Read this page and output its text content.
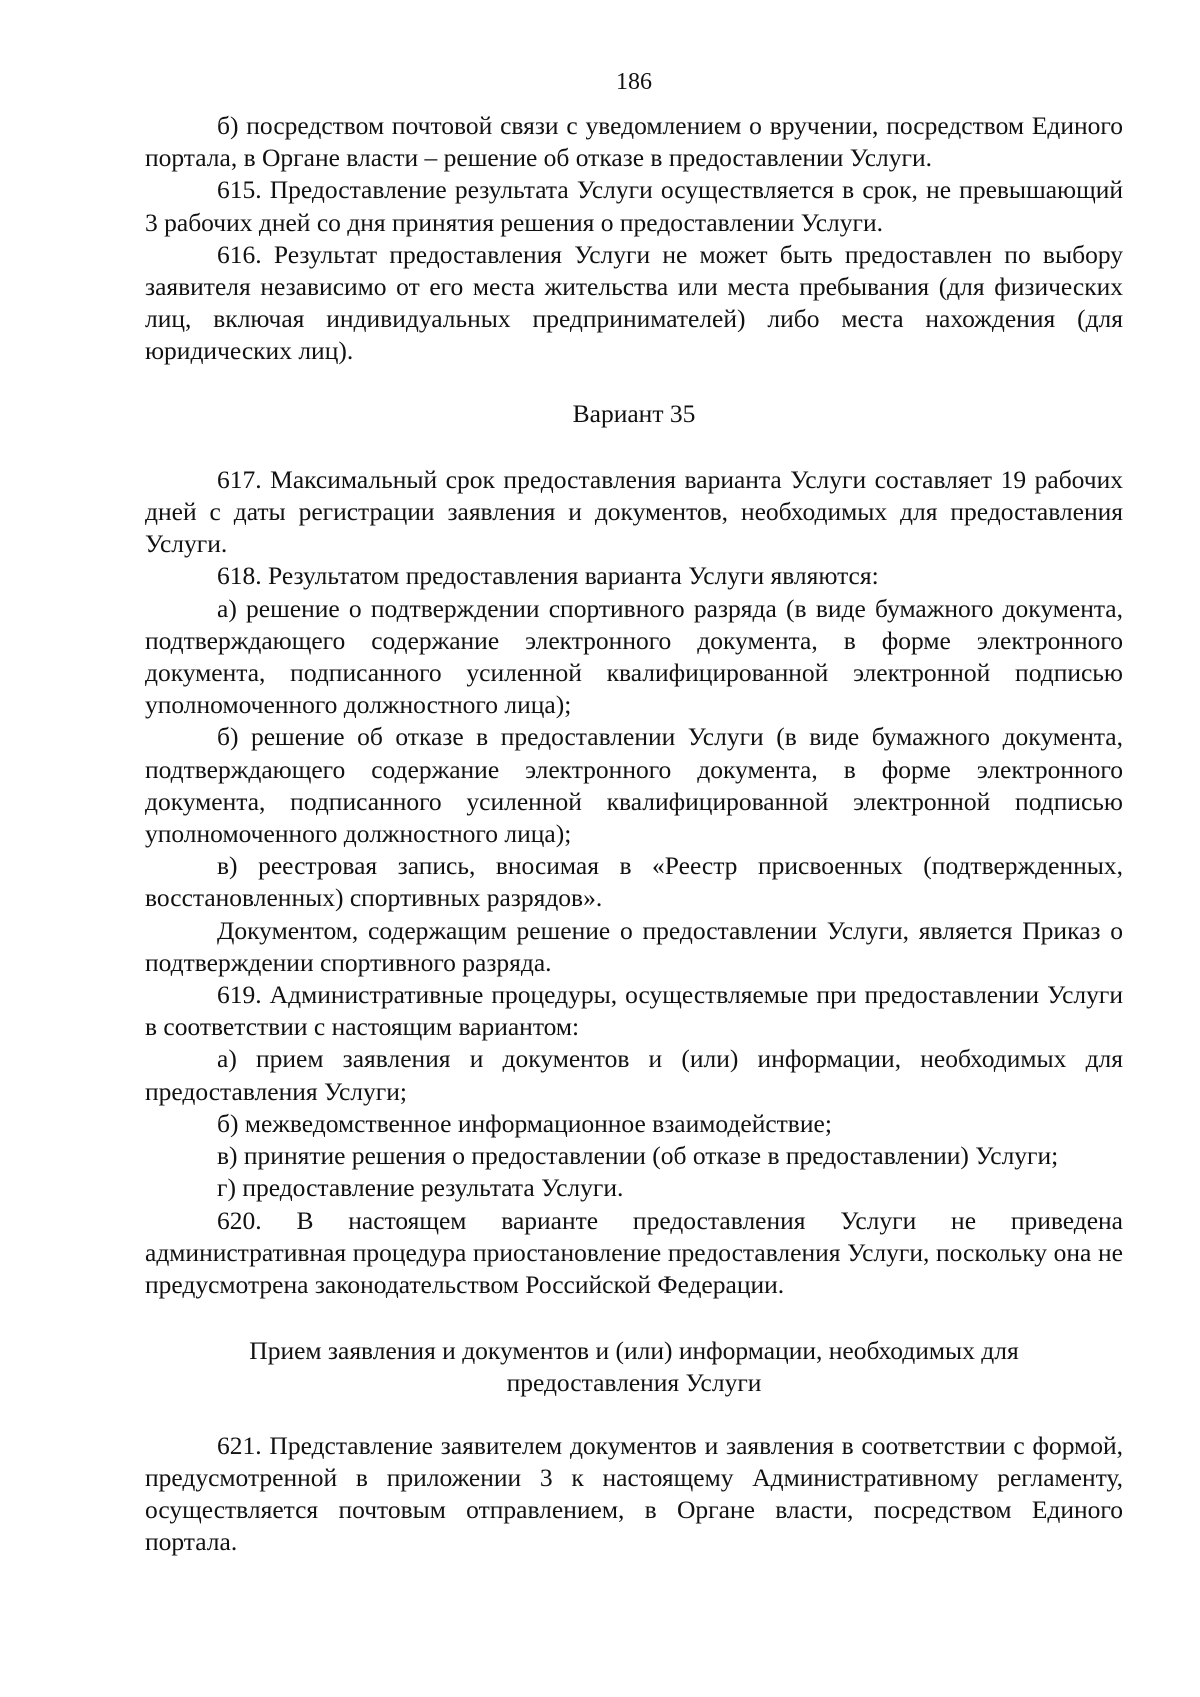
186

б) посредством почтовой связи с уведомлением о вручении, посредством Единого портала, в Органе власти – решение об отказе в предоставлении Услуги.

615. Предоставление результата Услуги осуществляется в срок, не превышающий 3 рабочих дней со дня принятия решения о предоставлении Услуги.

616. Результат предоставления Услуги не может быть предоставлен по выбору заявителя независимо от его места жительства или места пребывания (для физических лиц, включая индивидуальных предпринимателей) либо места нахождения (для юридических лиц).

Вариант 35

617. Максимальный срок предоставления варианта Услуги составляет 19 рабочих дней с даты регистрации заявления и документов, необходимых для предоставления Услуги.

618. Результатом предоставления варианта Услуги являются:

а) решение о подтверждении спортивного разряда (в виде бумажного документа, подтверждающего содержание электронного документа, в форме электронного документа, подписанного усиленной квалифицированной электронной подписью уполномоченного должностного лица);

б) решение об отказе в предоставлении Услуги (в виде бумажного документа, подтверждающего содержание электронного документа, в форме электронного документа, подписанного усиленной квалифицированной электронной подписью уполномоченного должностного лица);

в) реестровая запись, вносимая в «Реестр присвоенных (подтвержденных, восстановленных) спортивных разрядов».

Документом, содержащим решение о предоставлении Услуги, является Приказ о подтверждении спортивного разряда.

619. Административные процедуры, осуществляемые при предоставлении Услуги в соответствии с настоящим вариантом:

а) прием заявления и документов и (или) информации, необходимых для предоставления Услуги;

б) межведомственное информационное взаимодействие;

в) принятие решения о предоставлении (об отказе в предоставлении) Услуги;

г) предоставление результата Услуги.

620. В настоящем варианте предоставления Услуги не приведена административная процедура приостановление предоставления Услуги, поскольку она не предусмотрена законодательством Российской Федерации.

Прием заявления и документов и (или) информации, необходимых для предоставления Услуги

621. Представление заявителем документов и заявления в соответствии с формой, предусмотренной в приложении 3 к настоящему Административному регламенту, осуществляется почтовым отправлением, в Органе власти, посредством Единого портала.
